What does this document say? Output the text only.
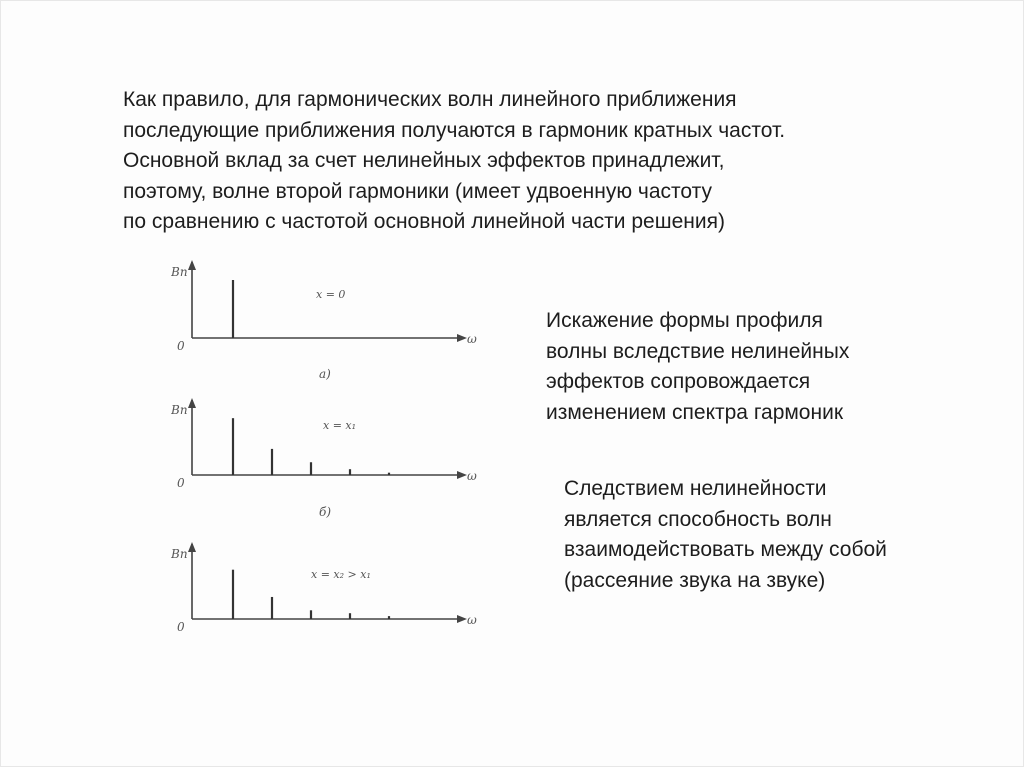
Как правило, для гармонических волн линейного приближения
последующие приближения получаются в гармоник кратных частот.
Основной вклад за счет нелинейных эффектов принадлежит,
поэтому, волне второй гармоники (имеет удвоенную частоту
по сравнению с частотой основной линейной части решения)
Bn
0	ω
x = 0
а)
Bn
0	ω
x = x₁
б)
Bn
0	ω
x = x₂ > x₁
Искажение формы профиля
волны вследствие нелинейных
эффектов сопровождается
изменением спектра гармоник
Следствием нелинейности
является способность волн
взаимодействовать между собой
(рассеяние звука на звуке)
